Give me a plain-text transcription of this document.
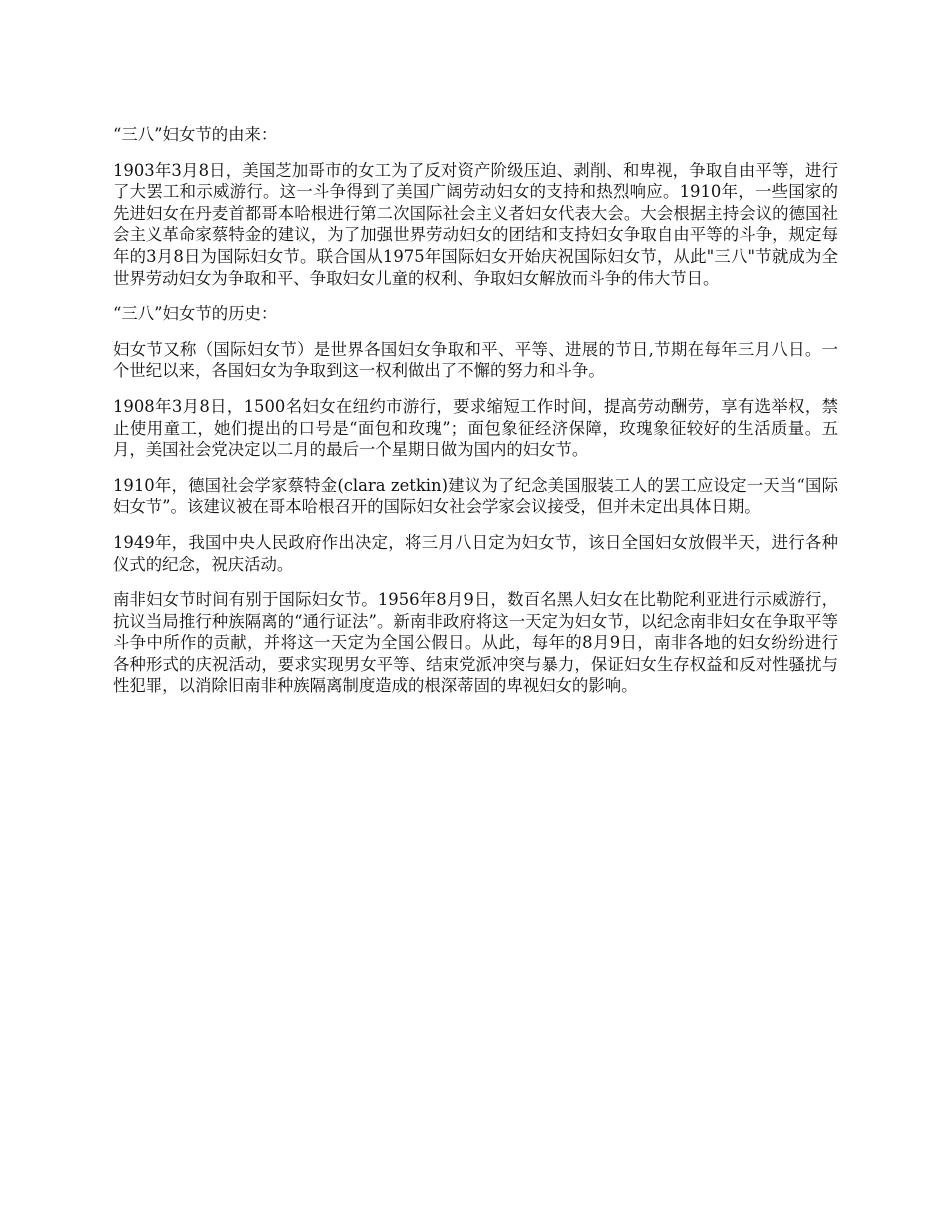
“三八”妇女节的由来：

1903年3月8日，美国芝加哥市的女工为了反对资产阶级压迫、剥削、和卑视，争取自由平等，进行了大罢工和示威游行。这一斗争得到了美国广阔劳动妇女的支持和热烈响应。1910年，一些国家的先进妇女在丹麦首都哥本哈根进行第二次国际社会主义者妇女代表大会。大会根据主持会议的德国社会主义革命家蔡特金的建议，为了加强世界劳动妇女的团结和支持妇女争取自由平等的斗争，规定每年的3月8日为国际妇女节。联合国从1975年国际妇女开始庆祝国际妇女节，从此"三八"节就成为全世界劳动妇女为争取和平、争取妇女儿童的权利、争取妇女解放而斗争的伟大节日。

“三八”妇女节的历史：

妇女节又称（国际妇女节）是世界各国妇女争取和平、平等、进展的节日,节期在每年三月八日。一个世纪以来，各国妇女为争取到这一权利做出了不懈的努力和斗争。

1908年3月8日，1500名妇女在纽约市游行，要求缩短工作时间，提高劳动酬劳，享有选举权，禁止使用童工，她们提出的口号是“面包和玫瑰”；面包象征经济保障，玫瑰象征较好的生活质量。五月，美国社会党决定以二月的最后一个星期日做为国内的妇女节。

1910年，德国社会学家蔡特金(clara zetkin)建议为了纪念美国服装工人的罢工应设定一天当“国际妇女节”。该建议被在哥本哈根召开的国际妇女社会学家会议接受，但并未定出具体日期。

1949年，我国中央人民政府作出决定，将三月八日定为妇女节，该日全国妇女放假半天，进行各种仪式的纪念，祝庆活动。

南非妇女节时间有别于国际妇女节。1956年8月9日，数百名黑人妇女在比勒陀利亚进行示威游行，抗议当局推行种族隔离的“通行证法”。新南非政府将这一天定为妇女节，以纪念南非妇女在争取平等斗争中所作的贡献，并将这一天定为全国公假日。从此，每年的8月9日，南非各地的妇女纷纷进行各种形式的庆祝活动，要求实现男女平等、结束党派冲突与暴力，保证妇女生存权益和反对性骚扰与性犯罪，以消除旧南非种族隔离制度造成的根深蒂固的卑视妇女的影响。
